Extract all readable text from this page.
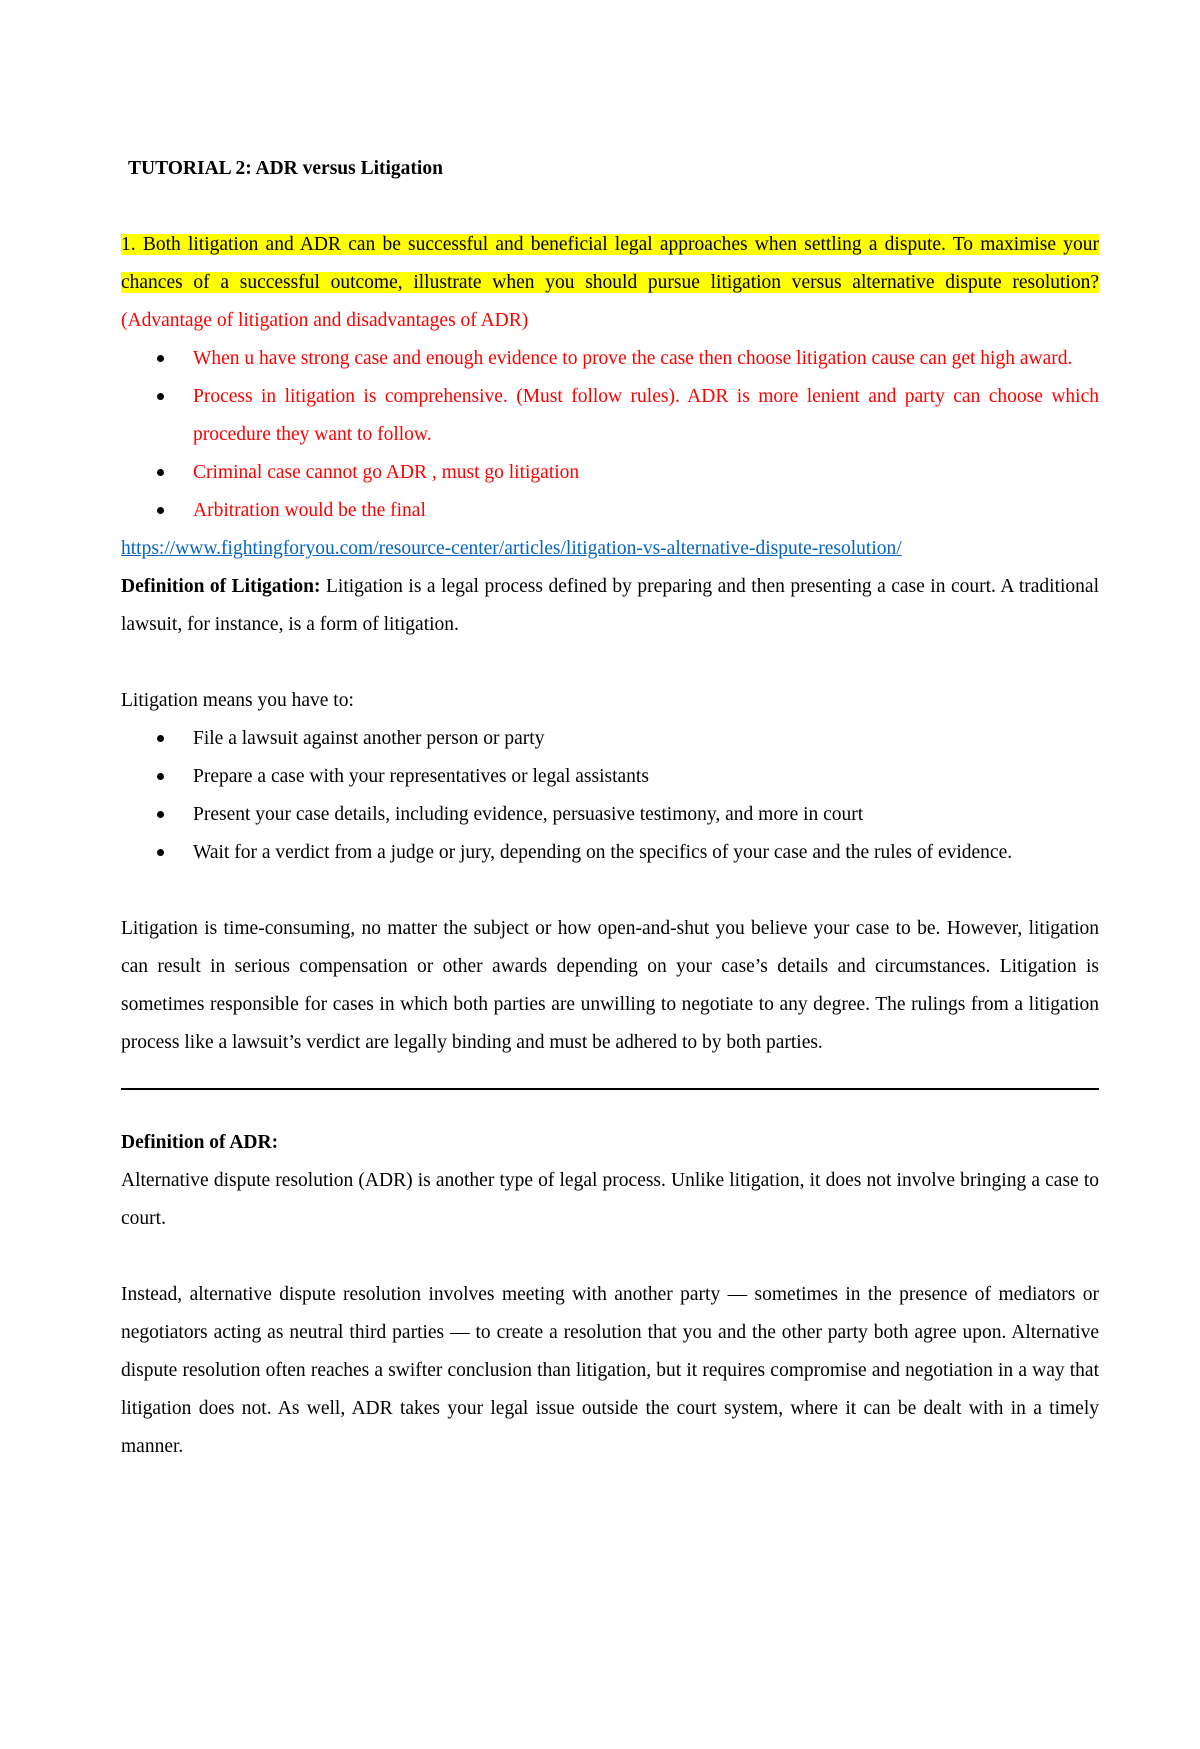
TUTORIAL 2: ADR versus Litigation

1. Both litigation and ADR can be successful and beneficial legal approaches when settling a dispute. To maximise your chances of a successful outcome, illustrate when you should pursue litigation versus alternative dispute resolution? (Advantage of litigation and disadvantages of ADR)

When u have strong case and enough evidence to prove the case then choose litigation cause can get high award.
Process in litigation is comprehensive. (Must follow rules). ADR is more lenient and party can choose which procedure they want to follow.
Criminal case cannot go ADR , must go litigation
Arbitration would be the final

https://www.fightingforyou.com/resource-center/articles/litigation-vs-alternative-dispute-resolution/

Definition of Litigation: Litigation is a legal process defined by preparing and then presenting a case in court. A traditional lawsuit, for instance, is a form of litigation.

Litigation means you have to:

File a lawsuit against another person or party
Prepare a case with your representatives or legal assistants
Present your case details, including evidence, persuasive testimony, and more in court
Wait for a verdict from a judge or jury, depending on the specifics of your case and the rules of evidence.

Litigation is time-consuming, no matter the subject or how open-and-shut you believe your case to be. However, litigation can result in serious compensation or other awards depending on your case’s details and circumstances. Litigation is sometimes responsible for cases in which both parties are unwilling to negotiate to any degree. The rulings from a litigation process like a lawsuit’s verdict are legally binding and must be adhered to by both parties.

Definition of ADR:

Alternative dispute resolution (ADR) is another type of legal process. Unlike litigation, it does not involve bringing a case to court.

Instead, alternative dispute resolution involves meeting with another party — sometimes in the presence of mediators or negotiators acting as neutral third parties — to create a resolution that you and the other party both agree upon. Alternative dispute resolution often reaches a swifter conclusion than litigation, but it requires compromise and negotiation in a way that litigation does not. As well, ADR takes your legal issue outside the court system, where it can be dealt with in a timely manner.
